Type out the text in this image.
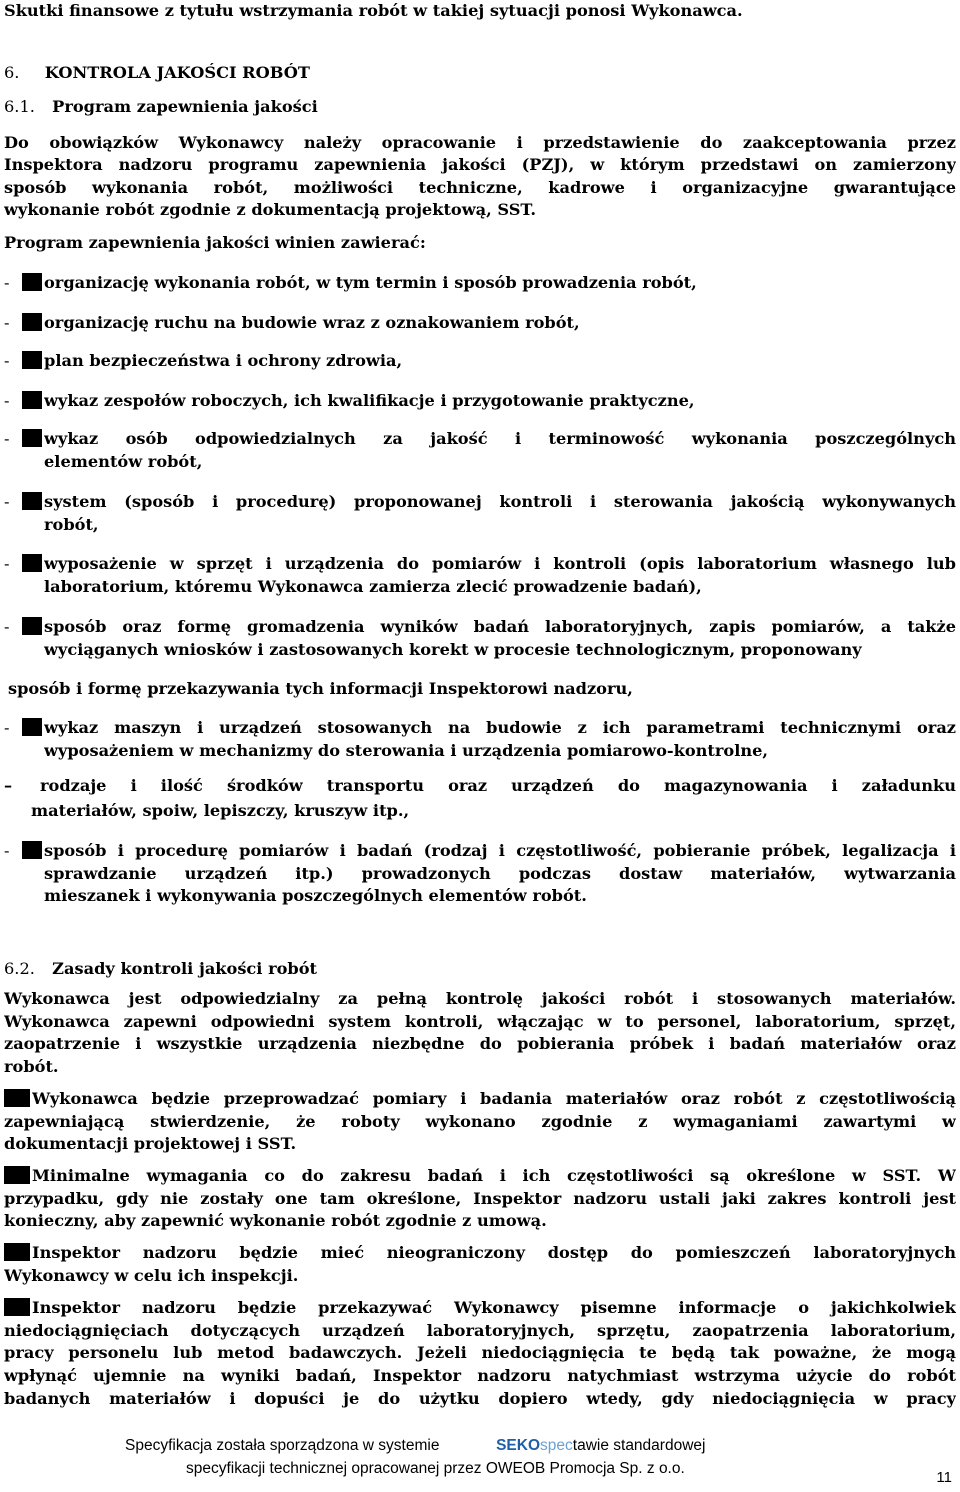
Skutki finansowe z tytułu wstrzymania robót w takiej sytuacji ponosi Wykonawca.
6. KONTROLA JAKOŚCI ROBÓT
6.1. Program zapewnienia jakości
Do obowiązków Wykonawcy należy opracowanie i przedstawienie do zaakceptowania przez
Inspektora nadzoru programu zapewnienia jakości (PZJ), w którym przedstawi on zamierzony
sposób wykonania robót, możliwości techniczne, kadrowe i organizacyjne gwarantujące
wykonanie robót zgodnie z dokumentacją projektową, SST.
Program zapewnienia jakości winien zawierać:
- organizację wykonania robót, w tym termin i sposób prowadzenia robót,
- organizację ruchu na budowie wraz z oznakowaniem robót,
- plan bezpieczeństwa i ochrony zdrowia,
- wykaz zespołów roboczych, ich kwalifikacje i przygotowanie praktyczne,
- wykaz osób odpowiedzialnych za jakość i terminowość wykonania poszczególnych
elementów robót,
- system (sposób i procedurę) proponowanej kontroli i sterowania jakością wykonywanych
robót,
- wyposażenie w sprzęt i urządzenia do pomiarów i kontroli (opis laboratorium własnego lub
laboratorium, któremu Wykonawca zamierza zlecić prowadzenie badań),
- sposób oraz formę gromadzenia wyników badań laboratoryjnych, zapis pomiarów, a także
wyciąganych wniosków i zastosowanych korekt w procesie technologicznym, proponowany
sposób i formę przekazywania tych informacji Inspektorowi nadzoru,
- wykaz maszyn i urządzeń stosowanych na budowie z ich parametrami technicznymi oraz
wyposażeniem w mechanizmy do sterowania i urządzenia pomiarowo-kontrolne,
– rodzaje i ilość środków transportu oraz urządzeń do magazynowania i załadunku
materiałów, spoiw, lepiszczy, kruszyw itp.,
- sposób i procedurę pomiarów i badań (rodzaj i częstotliwość, pobieranie próbek, legalizacja i
sprawdzanie urządzeń itp.) prowadzonych podczas dostaw materiałów, wytwarzania
mieszanek i wykonywania poszczególnych elementów robót.
6.2. Zasady kontroli jakości robót
Wykonawca jest odpowiedzialny za pełną kontrolę jakości robót i stosowanych materiałów.
Wykonawca zapewni odpowiedni system kontroli, włączając w to personel, laboratorium, sprzęt,
zaopatrzenie i wszystkie urządzenia niezbędne do pobierania próbek i badań materiałów oraz
robót.
Wykonawca będzie przeprowadzać pomiary i badania materiałów oraz robót z częstotliwością
zapewniającą stwierdzenie, że roboty wykonano zgodnie z wymaganiami zawartymi w
dokumentacji projektowej i SST.
Minimalne wymagania co do zakresu badań i ich częstotliwości są określone w SST. W
przypadku, gdy nie zostały one tam określone, Inspektor nadzoru ustali jaki zakres kontroli jest
konieczny, aby zapewnić wykonanie robót zgodnie z umową.
Inspektor nadzoru będzie mieć nieograniczony dostęp do pomieszczeń laboratoryjnych
Wykonawcy w celu ich inspekcji.
Inspektor nadzoru będzie przekazywać Wykonawcy pisemne informacje o jakichkolwiek
niedociągnięciach dotyczących urządzeń laboratoryjnych, sprzętu, zaopatrzenia laboratorium,
pracy personelu lub metod badawczych. Jeżeli niedociągnięcia te będą tak poważne, że mogą
wpłynąć ujemnie na wyniki badań, Inspektor nadzoru natychmiast wstrzyma użycie do robót
badanych materiałów i dopuści je do użytku dopiero wtedy, gdy niedociągnięcia w pracy
Specyfikacja została sporządzona w systemie	SEKOspectawie standardowej
specyfikacji technicznej opracowanej przez OWEOB Promocja Sp. z o.o.
11
